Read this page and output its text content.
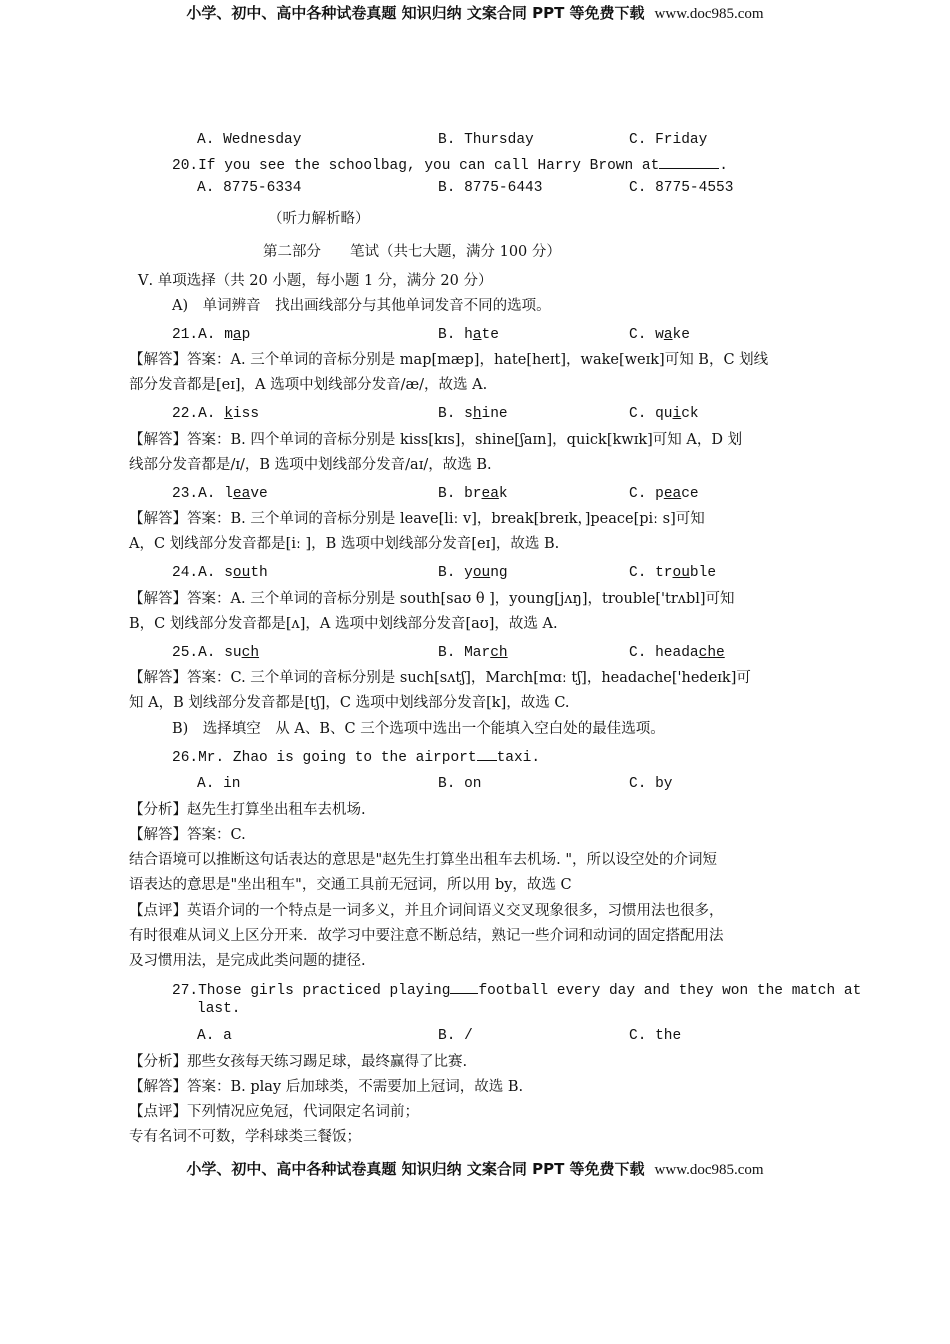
小学、初中、高中各种试卷真题 知识归纳 文案合同 PPT 等免费下载 www.doc985.com
A. Wednesday	B. Thursday	C. Friday
20.If you see the schoolbag, you can call Harry Brown at	.
A. 8775-6334	B. 8775-6443	C. 8775-4553
（听力解析略）
第二部分　　笔试（共七大题，满分 100 分）
Ⅴ. 单项选择（共 20 小题，每小题 1 分，满分 20 分）
A)　单词辨音　找出画线部分与其他单词发音不同的选项。
21.A. map	B. hate	C. wake
【解答】答案：A. 三个单词的音标分别是 map[mæp]，hate[heɪt]，wake[weɪk]可知 B，C 划线
部分发音都是[eɪ]，A 选项中划线部分发音/æ/，故选 A.
22.A. kiss	B. shine	C. quick
【解答】答案：B. 四个单词的音标分别是 kiss[kɪs]，shine[ʃaɪn]，quick[kwɪk]可知 A，D 划
线部分发音都是/ɪ/，B 选项中划线部分发音/aɪ/，故选 B.
23.A. leave	B. break	C. peace
【解答】答案：B. 三个单词的音标分别是 leave[liː v]，break[breɪk，]peace[piː s]可知
A，C 划线部分发音都是[iː ]，B 选项中划线部分发音[eɪ]，故选 B.
24.A. south	B. young	C. trouble
【解答】答案：A. 三个单词的音标分别是 south[saʊ θ ]，young[jʌŋ]，trouble['trʌbl]可知
B，C 划线部分发音都是[ʌ]，A 选项中划线部分发音[aʊ]，故选 A.
25.A. such	B. March	C. headache
【解答】答案：C. 三个单词的音标分别是 such[sʌtʃ]，March[mɑː tʃ]，headache['hedeɪk]可
知 A，B 划线部分发音都是[tʃ]，C 选项中划线部分发音[k]，故选 C.
B)　选择填空　从 A、B、C 三个选项中选出一个能填入空白处的最佳选项。
26.Mr. Zhao is going to the airport taxi.
A. in	B. on	C. by
【分析】赵先生打算坐出租车去机场.
【解答】答案：C.
结合语境可以推断这句话表达的意思是"赵先生打算坐出租车去机场. "，所以设空处的介词短
语表达的意思是"坐出租车"，交通工具前无冠词，所以用 by，故选 C
【点评】英语介词的一个特点是一词多义，并且介词间语义交叉现象很多，习惯用法也很多，
有时很难从词义上区分开来．故学习中要注意不断总结，熟记一些介词和动词的固定搭配用法
及习惯用法，是完成此类问题的捷径.
27.Those girls practiced playing football every day and they won the match at
last.
A. a	B. /	C. the
【分析】那些女孩每天练习踢足球，最终赢得了比赛.
【解答】答案：B. play 后加球类，不需要加上冠词，故选 B.
【点评】下列情况应免冠，代词限定名词前；
专有名词不可数，学科球类三餐饭；
小学、初中、高中各种试卷真题 知识归纳 文案合同 PPT 等免费下载 www.doc985.com
